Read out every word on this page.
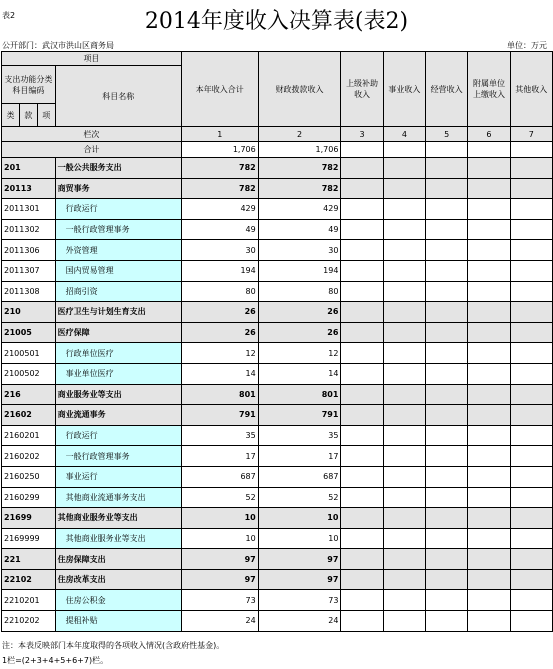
表2	2014年度收入决算表(表2)
公开部门：武汉市洪山区商务局	单位：万元
项目				本年收入合计	财政拨款收入	上级补助收入	事业收入	经营收入	附属单位上缴收入	其他收入
支出功能分类科目编码			科目名称							
类	款	项								

栏次				1	2	3	4	5	6	7
合计				1,706	1,706					
201			一般公共服务支出	782	782					
20113			商贸事务	782	782					
2011301			行政运行	429	429					
2011302			一般行政管理事务	49	49					
2011306			外资管理	30	30					
2011307			国内贸易管理	194	194					
2011308			招商引资	80	80					
210			医疗卫生与计划生育支出	26	26					
21005			医疗保障	26	26					
2100501			行政单位医疗	12	12					
2100502			事业单位医疗	14	14					
216			商业服务业等支出	801	801					
21602			商业流通事务	791	791					
2160201			行政运行	35	35					
2160202			一般行政管理事务	17	17					
2160250			事业运行	687	687					
2160299			其他商业流通事务支出	52	52					
21699			其他商业服务业等支出	10	10					
2169999			其他商业服务业等支出	10	10					
221			住房保障支出	97	97					
22102			住房改革支出	97	97					
2210201			住房公积金	73	73					
2210202			提租补贴	24	24					
注：本表反映部门本年度取得的各项收入情况(含政府性基金)。
1栏=(2+3+4+5+6+7)栏。
